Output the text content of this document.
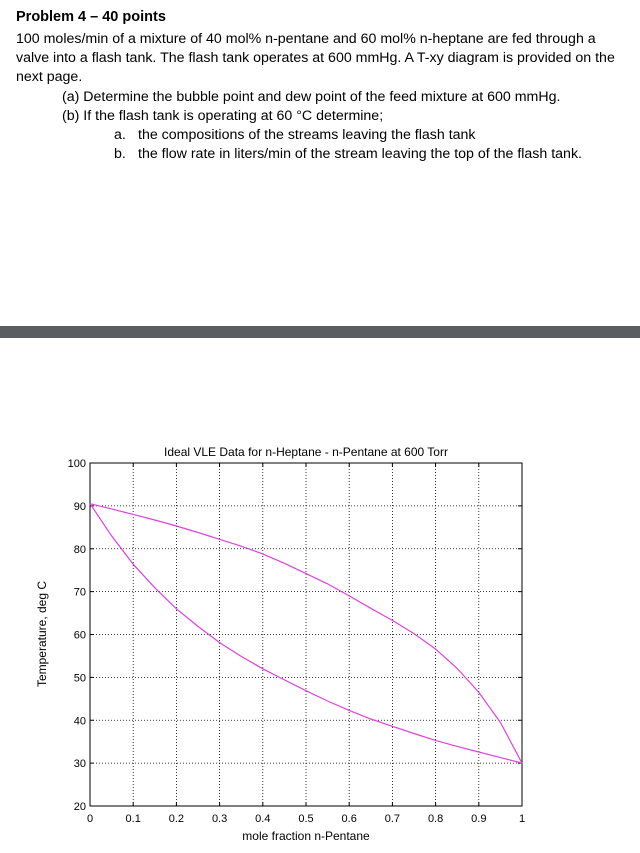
Problem 4 – 40 points
100 moles/min of a mixture of 40 mol% n-pentane and 60 mol% n-heptane are fed through a valve into a flash tank. The flash tank operates at 600 mmHg. A T-xy diagram is provided on the next page.
(a) Determine the bubble point and dew point of the feed mixture at 600 mmHg.
(b) If the flash tank is operating at 60 °C determine;
a. the compositions of the streams leaving the flash tank
b. the flow rate in liters/min of the stream leaving the top of the flash tank.
0	0.1	0.2	0.3	0.4	0.5	0.6	0.7	0.8	0.9	1
20
30
40
50
60
70
80
90
100
Ideal VLE Data for n-Heptane - n-Pentane at 600 Torr
mole fraction n-Pentane
Temperature, deg C
